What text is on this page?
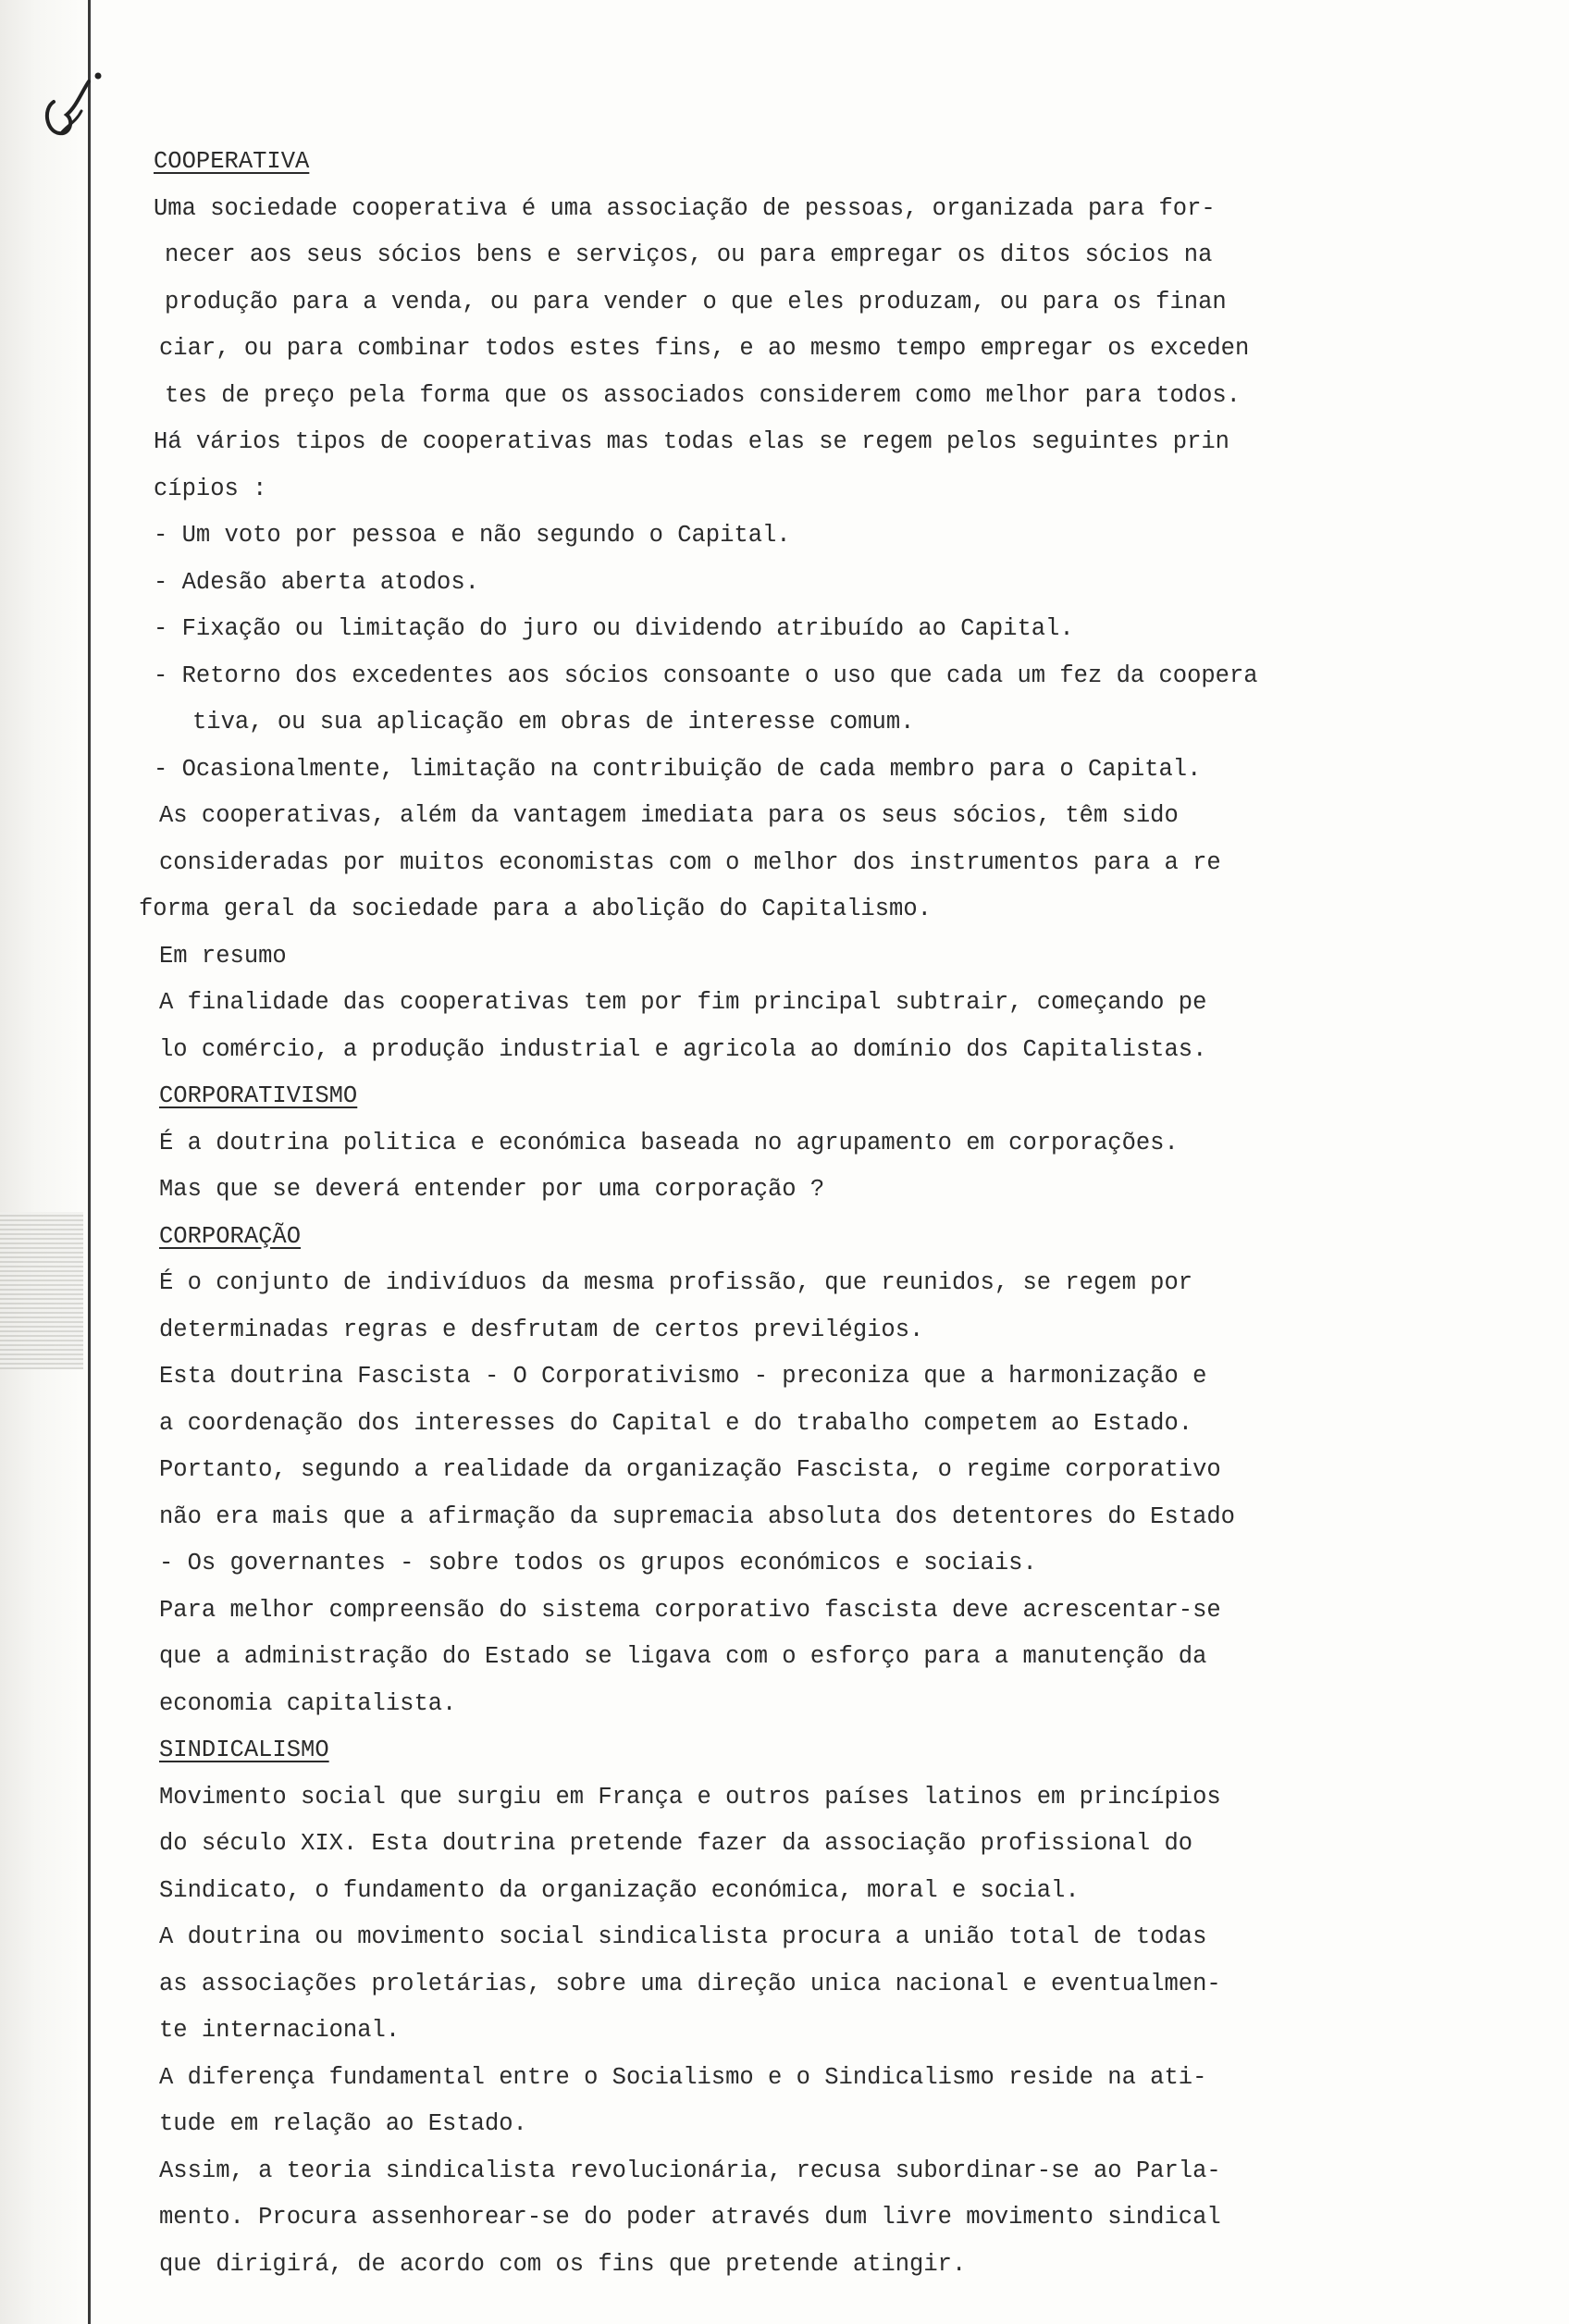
COOPERATIVA
Uma sociedade cooperativa é uma associação de pessoas, organizada para for-
necer aos seus sócios bens e serviços, ou para empregar os ditos sócios na
produção para a venda, ou para vender o que eles produzam, ou para os finan
ciar, ou para combinar todos estes fins, e ao mesmo tempo empregar os exceden
tes de preço pela forma que os associados considerem como melhor para todos.
Há vários tipos de cooperativas mas todas elas se regem pelos seguintes prin
cípios :
- Um voto por pessoa e não segundo o Capital.
- Adesão aberta atodos.
- Fixação ou limitação do juro ou dividendo atribuído ao Capital.
- Retorno dos excedentes aos sócios consoante o uso que cada um fez da coopera
tiva, ou sua aplicação em obras de interesse comum.
- Ocasionalmente, limitação na contribuição de cada membro para o Capital.
As cooperativas, além da vantagem imediata para os seus sócios, têm sido
consideradas por muitos economistas com o melhor dos instrumentos para a re
forma geral da sociedade para a abolição do Capitalismo.
Em resumo
A finalidade das cooperativas tem por fim principal subtrair, começando pe
lo comércio, a produção industrial e agricola ao domínio dos Capitalistas.
CORPORATIVISMO
É a doutrina politica e económica baseada no agrupamento em corporações.
Mas que se deverá entender por uma corporação ?
CORPORAÇÃO
É o conjunto de indivíduos da mesma profissão, que reunidos, se regem por
determinadas regras e desfrutam de certos previlégios.
Esta doutrina Fascista - O Corporativismo - preconiza que a harmonização e
a coordenação dos interesses do Capital e do trabalho competem ao Estado.
Portanto, segundo a realidade da organização Fascista, o regime corporativo
não era mais que a afirmação da supremacia absoluta dos detentores do Estado
- Os governantes - sobre todos os grupos económicos e sociais.
Para melhor compreensão do sistema corporativo fascista deve acrescentar-se
que a administração do Estado se ligava com o esforço para a manutenção da
economia capitalista.
SINDICALISMO
Movimento social que surgiu em França e outros países latinos em princípios
do século XIX. Esta doutrina pretende fazer da associação profissional do
Sindicato, o fundamento da organização económica, moral e social.
A doutrina ou movimento social sindicalista procura a união total de todas
as associações proletárias, sobre uma direção unica nacional e eventualmen-
te internacional.
A diferença fundamental entre o Socialismo e o Sindicalismo reside na ati-
tude em relação ao Estado.
Assim, a teoria sindicalista revolucionária, recusa subordinar-se ao Parla-
mento. Procura assenhorear-se do poder através dum livre movimento sindical
que dirigirá, de acordo com os fins que pretende atingir.
